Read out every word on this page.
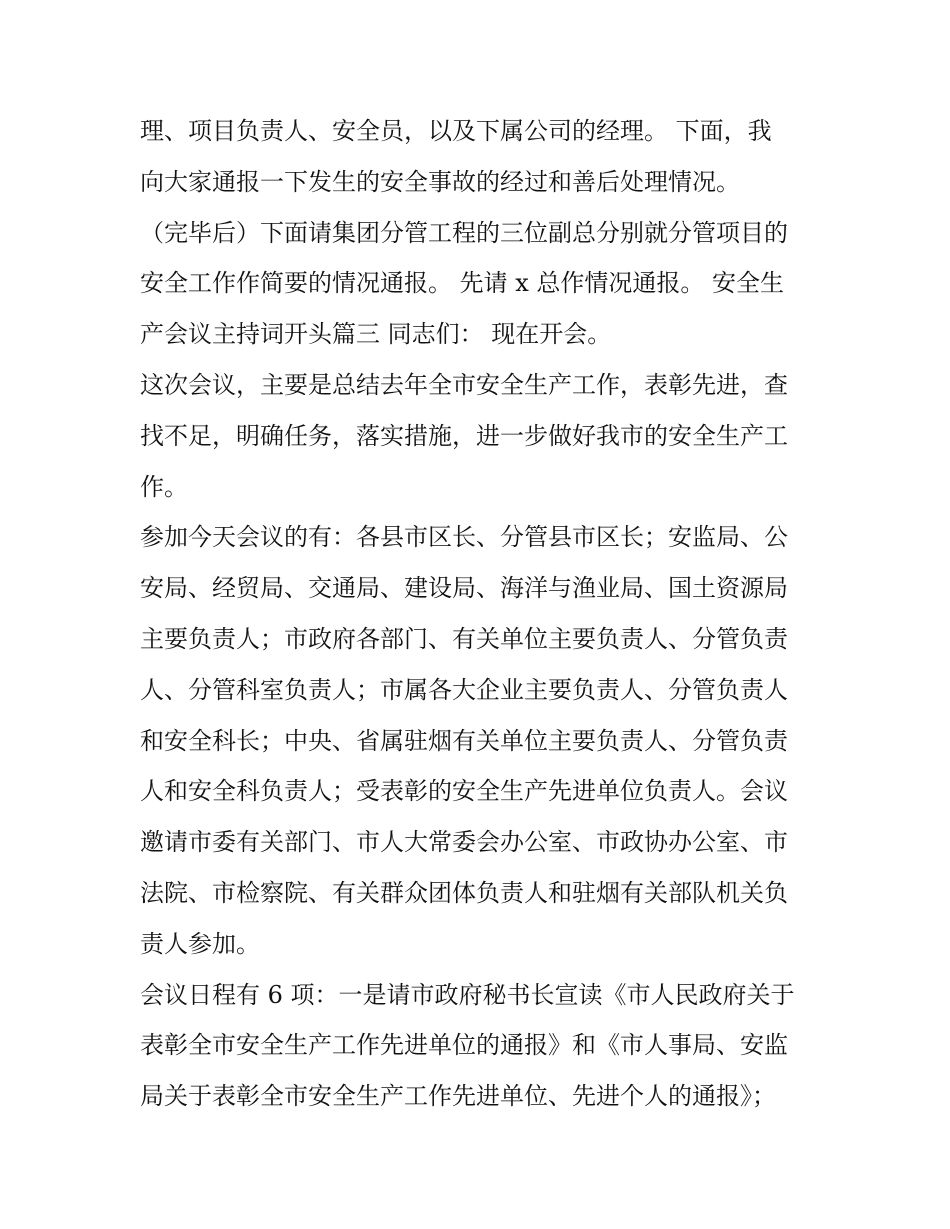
理、项目负责人、安全员，以及下属公司的经理。 下面，我
向大家通报一下发生的安全事故的经过和善后处理情况。
（完毕后）下面请集团分管工程的三位副总分别就分管项目的
安全工作作简要的情况通报。 先请 x 总作情况通报。 安全生
产会议主持词开头篇三 同志们： 现在开会。
这次会议，主要是总结去年全市安全生产工作，表彰先进，查
找不足，明确任务，落实措施，进一步做好我市的安全生产工
作。
参加今天会议的有：各县市区长、分管县市区长；安监局、公
安局、经贸局、交通局、建设局、海洋与渔业局、国土资源局
主要负责人；市政府各部门、有关单位主要负责人、分管负责
人、分管科室负责人；市属各大企业主要负责人、分管负责人
和安全科长；中央、省属驻烟有关单位主要负责人、分管负责
人和安全科负责人；受表彰的安全生产先进单位负责人。会议
邀请市委有关部门、市人大常委会办公室、市政协办公室、市
法院、市检察院、有关群众团体负责人和驻烟有关部队机关负
责人参加。
会议日程有 6 项：一是请市政府秘书长宣读《市人民政府关于
表彰全市安全生产工作先进单位的通报》和《市人事局、安监
局关于表彰全市安全生产工作先进单位、先进个人的通报》；
